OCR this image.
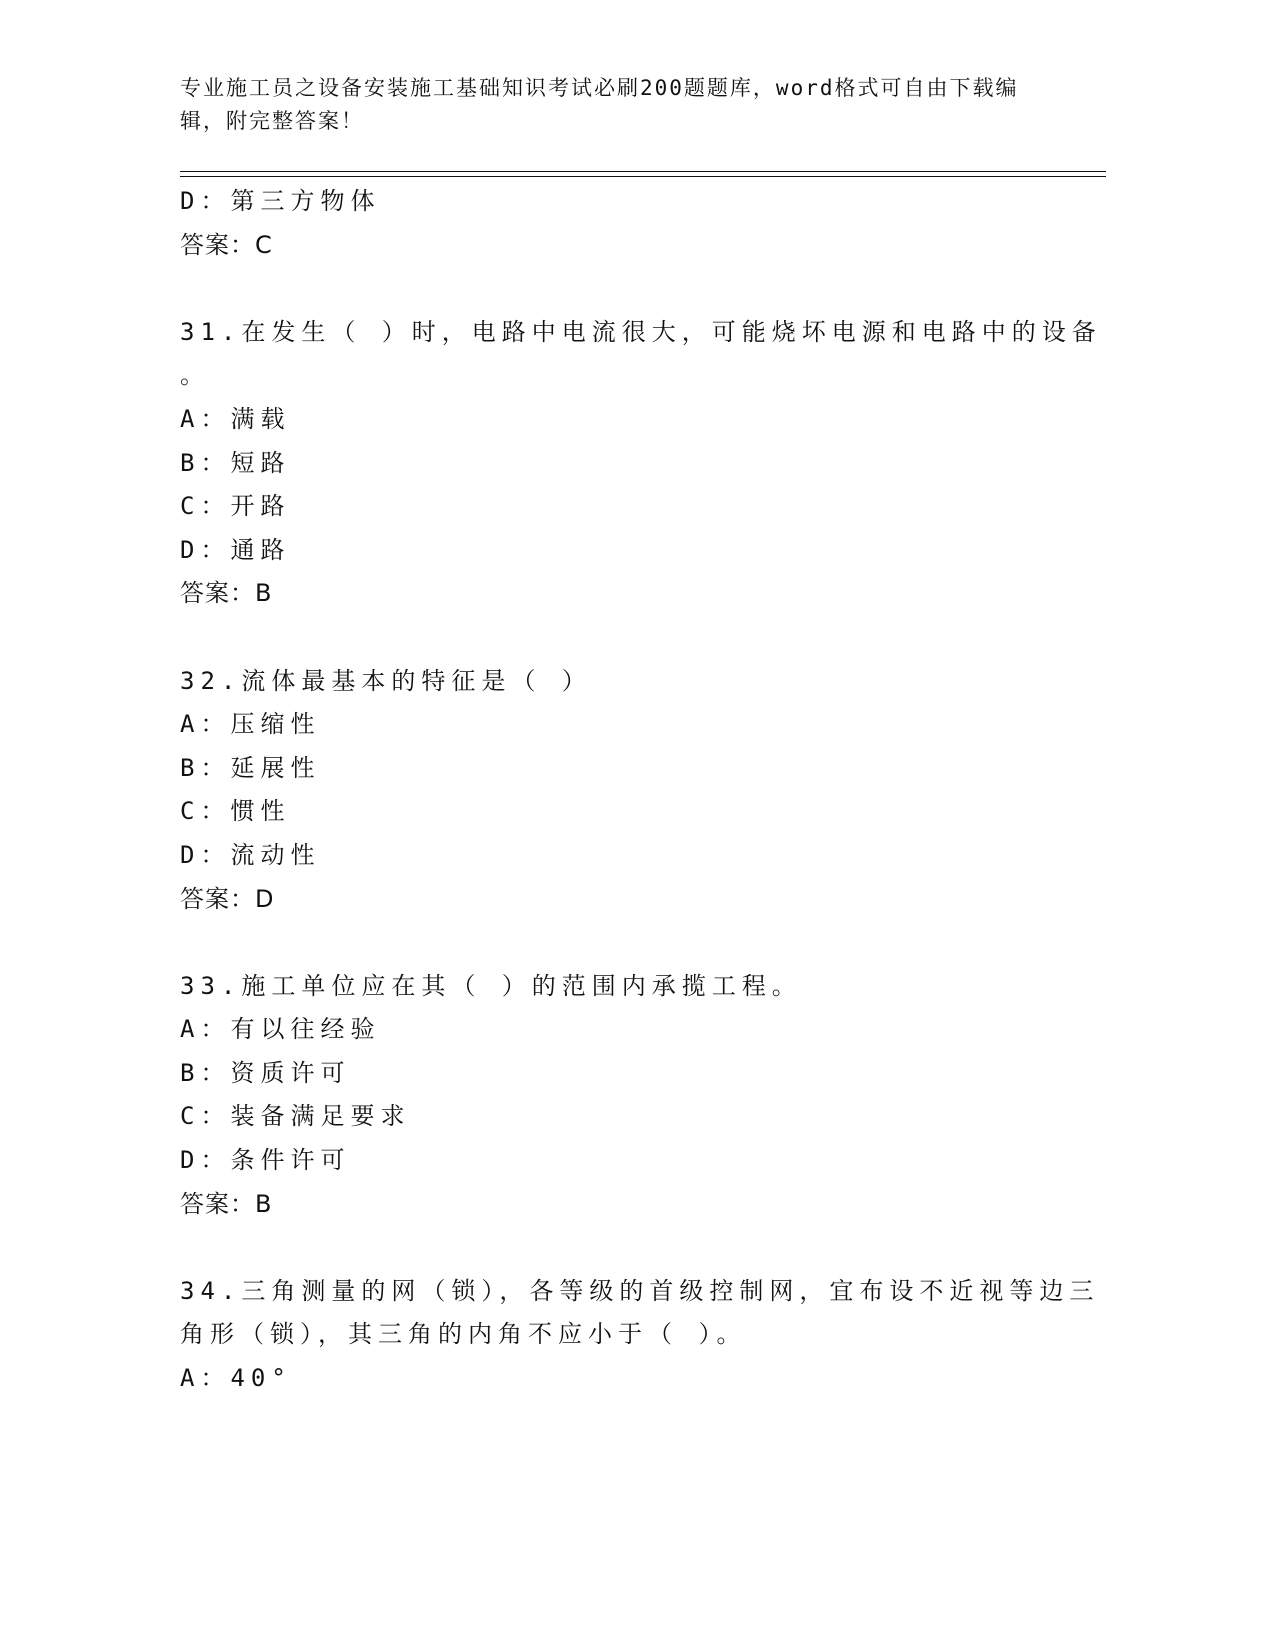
专业施工员之设备安装施工基础知识考试必刷200题题库，word格式可自由下载编辑，附完整答案！
D：第三方物体
答案：C
31.在发生（ ）时，电路中电流很大，可能烧坏电源和电路中的设备
。
A：满载
B：短路
C：开路
D：通路
答案：B
32.流体最基本的特征是（ ）
A：压缩性
B：延展性
C：惯性
D：流动性
答案：D
33.施工单位应在其（ ）的范围内承揽工程。
A：有以往经验
B：资质许可
C：装备满足要求
D：条件许可
答案：B
34.三角测量的网（锁），各等级的首级控制网，宜布设不近视等边三
角形（锁），其三角的内角不应小于（ ）。
A：40°
